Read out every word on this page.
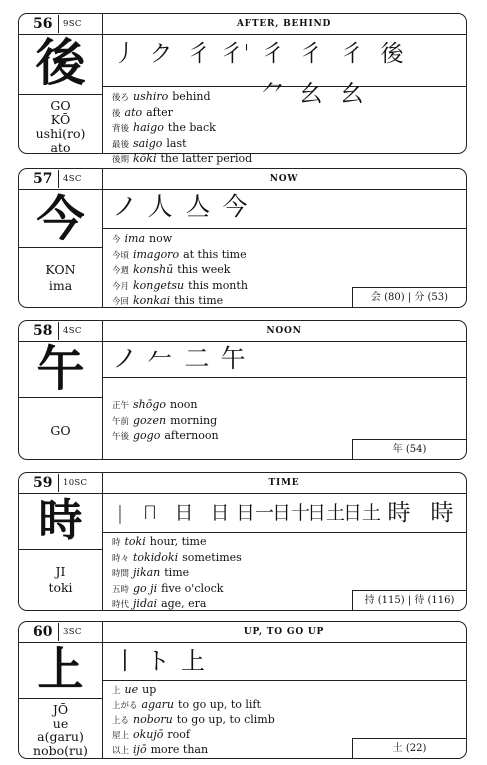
56	9SC
後
GO
KŌ
ushi(ro)
ato
AFTER, BEHIND
丿 ク 彳 彳' 彳⺈
彳幺
彳幺
後
後ろ ushiro behind
後 ato after
背後 haigo the back
最後 saigo last
後期 kōki the latter period
57	4SC
今
KON
ima
NOW
ノ 人 亼 今
今 ima now
今頃 imagoro at this time
今週 konshū this week
今月 kongetsu this month
今回 konkai this time	会 (80) | 分 (53)
58	4SC
午
GO
NOON
ノ 𠂉 二 午
正午 shōgo noon
午前 gozen morning
午後 gogo afternoon
年 (54)
59	10SC
時
JI
toki
TIME
|	П 日 日 日一
日十
日土
日土 時 時
時 toki hour, time
時々 tokidoki sometimes
時間 jikan time
五時 go ji five o'clock
時代 jidai age, era	持 (115) | 待 (116)
60	3SC
上
JŌ
ue
a(garu)
nobo(ru)
UP, TO GO UP
丨 ト 上
上 ue up
上がる agaru to go up, to lift
上る noboru to go up, to climb
屋上 okujō roof
以上 ijō more than	土 (22)
